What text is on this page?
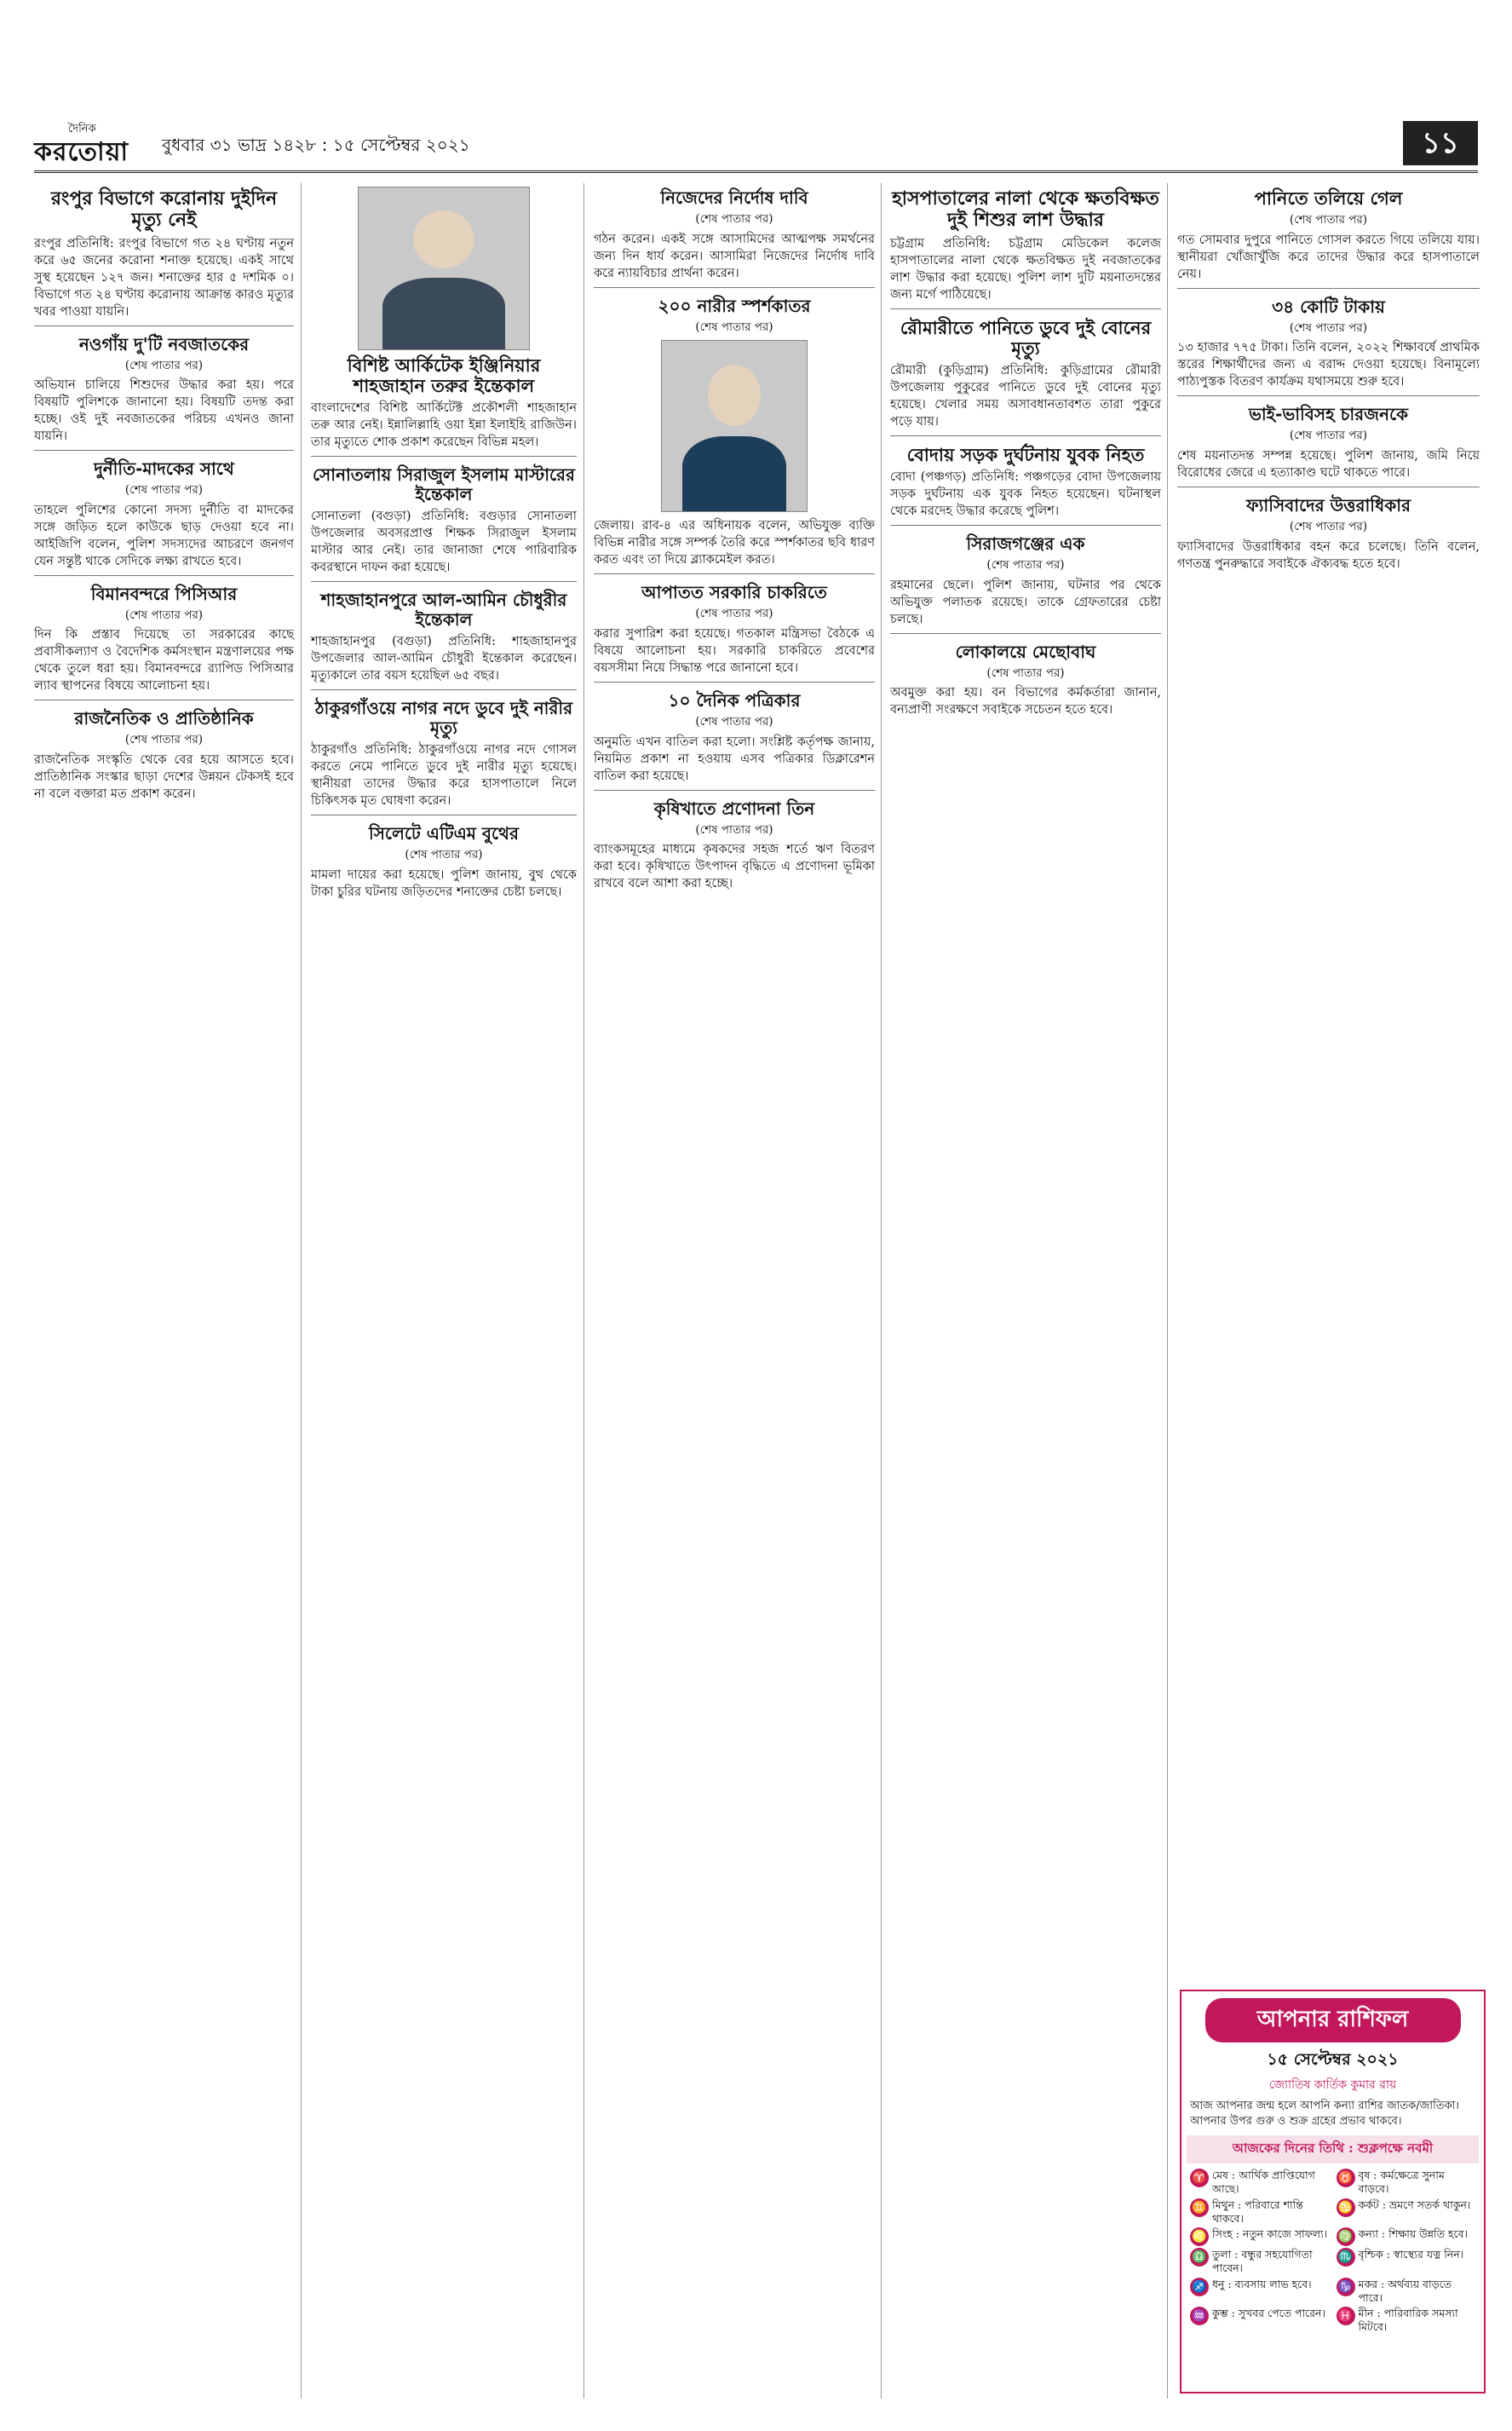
দৈনিক
করতোয়া বুধবার ৩১ ভাদ্র ১৪২৮ : ১৫ সেপ্টেম্বর ২০২১	১১
রংপুর বিভাগে করোনায় দুইদিন মৃত্যু নেই

রংপুর প্রতিনিধি: রংপুর বিভাগে গত ২৪ ঘণ্টায় নতুন করে ৬৫ জনের করোনা শনাক্ত হয়েছে। একই সাথে সুস্থ হয়েছেন ১২৭ জন। শনাক্তের হার ৫ দশমিক ০। বিভাগে গত ২৪ ঘণ্টায় করোনায় আক্রান্ত কারও মৃত্যুর খবর পাওয়া যায়নি।

নওগাঁয় দু'টি নবজাতকের
(শেষ পাতার পর)

অভিযান চালিয়ে শিশুদের উদ্ধার করা হয়। পরে বিষয়টি পুলিশকে জানানো হয়। বিষয়টি তদন্ত করা হচ্ছে। ওই দুই নবজাতকের পরিচয় এখনও জানা যায়নি।

দুর্নীতি-মাদকের সাথে
(শেষ পাতার পর)

তাহলে পুলিশের কোনো সদস্য দুর্নীতি বা মাদকের সঙ্গে জড়িত হলে কাউকে ছাড় দেওয়া হবে না। আইজিপি বলেন, পুলিশ সদস্যদের আচরণে জনগণ যেন সন্তুষ্ট থাকে সেদিকে লক্ষ্য রাখতে হবে।

বিমানবন্দরে পিসিআর
(শেষ পাতার পর)

দিন কি প্রস্তাব দিয়েছে তা সরকারের কাছে প্রবাসীকল্যাণ ও বৈদেশিক কর্মসংস্থান মন্ত্রণালয়ের পক্ষ থেকে তুলে ধরা হয়। বিমানবন্দরে র‍্যাপিড পিসিআর ল্যাব স্থাপনের বিষয়ে আলোচনা হয়।

রাজনৈতিক ও প্রাতিষ্ঠানিক
(শেষ পাতার পর)

রাজনৈতিক সংস্কৃতি থেকে বের হয়ে আসতে হবে। প্রাতিষ্ঠানিক সংস্কার ছাড়া দেশের উন্নয়ন টেকসই হবে না বলে বক্তারা মত প্রকাশ করেন।

বিশিষ্ট আর্কিটেক ইঞ্জিনিয়ার শাহজাহান তরুর ইন্তেকাল

বাংলাদেশের বিশিষ্ট আর্কিটেক্ট প্রকৌশলী শাহজাহান তরু আর নেই। ইন্নালিল্লাহি ওয়া ইন্না ইলাইহি রাজিউন। তার মৃত্যুতে শোক প্রকাশ করেছেন বিভিন্ন মহল।

সোনাতলায় সিরাজুল ইসলাম মাস্টারের ইন্তেকাল

সোনাতলা (বগুড়া) প্রতিনিধি: বগুড়ার সোনাতলা উপজেলার অবসরপ্রাপ্ত শিক্ষক সিরাজুল ইসলাম মাস্টার আর নেই। তার জানাজা শেষে পারিবারিক কবরস্থানে দাফন করা হয়েছে।

শাহজাহানপুরে আল-আমিন চৌধুরীর ইন্তেকাল

শাহজাহানপুর (বগুড়া) প্রতিনিধি: শাহজাহানপুর উপজেলার আল-আমিন চৌধুরী ইন্তেকাল করেছেন। মৃত্যুকালে তার বয়স হয়েছিল ৬৫ বছর।

ঠাকুরগাঁওয়ে নাগর নদে ডুবে দুই নারীর মৃত্যু

ঠাকুরগাঁও প্রতিনিধি: ঠাকুরগাঁওয়ে নাগর নদে গোসল করতে নেমে পানিতে ডুবে দুই নারীর মৃত্যু হয়েছে। স্থানীয়রা তাদের উদ্ধার করে হাসপাতালে নিলে চিকিৎসক মৃত ঘোষণা করেন।

সিলেটে এটিএম বুথের
(শেষ পাতার পর)

মামলা দায়ের করা হয়েছে। পুলিশ জানায়, বুথ থেকে টাকা চুরির ঘটনায় জড়িতদের শনাক্তের চেষ্টা চলছে।

নিজেদের নির্দোষ দাবি
(শেষ পাতার পর)

গঠন করেন। একই সঙ্গে আসামিদের আত্মপক্ষ সমর্থনের জন্য দিন ধার্য করেন। আসামিরা নিজেদের নির্দোষ দাবি করে ন্যায়বিচার প্রার্থনা করেন।

২০০ নারীর স্পর্শকাতর
(শেষ পাতার পর)

জেলায়। রাব-৪ এর অধিনায়ক বলেন, অভিযুক্ত ব্যক্তি বিভিন্ন নারীর সঙ্গে সম্পর্ক তৈরি করে স্পর্শকাতর ছবি ধারণ করত এবং তা দিয়ে ব্ল্যাকমেইল করত।

আপাতত সরকারি চাকরিতে
(শেষ পাতার পর)

করার সুপারিশ করা হয়েছে। গতকাল মন্ত্রিসভা বৈঠকে এ বিষয়ে আলোচনা হয়। সরকারি চাকরিতে প্রবেশের বয়সসীমা নিয়ে সিদ্ধান্ত পরে জানানো হবে।

১০ দৈনিক পত্রিকার
(শেষ পাতার পর)

অনুমতি এখন বাতিল করা হলো। সংশ্লিষ্ট কর্তৃপক্ষ জানায়, নিয়মিত প্রকাশ না হওয়ায় এসব পত্রিকার ডিক্লারেশন বাতিল করা হয়েছে।

কৃষিখাতে প্রণোদনা তিন
(শেষ পাতার পর)

ব্যাংকসমূহের মাধ্যমে কৃষকদের সহজ শর্তে ঋণ বিতরণ করা হবে। কৃষিখাতে উৎপাদন বৃদ্ধিতে এ প্রণোদনা ভূমিকা রাখবে বলে আশা করা হচ্ছে।

হাসপাতালের নালা থেকে ক্ষতবিক্ষত দুই শিশুর লাশ উদ্ধার

চট্টগ্রাম প্রতিনিধি: চট্টগ্রাম মেডিকেল কলেজ হাসপাতালের নালা থেকে ক্ষতবিক্ষত দুই নবজাতকের লাশ উদ্ধার করা হয়েছে। পুলিশ লাশ দুটি ময়নাতদন্তের জন্য মর্গে পাঠিয়েছে।

রৌমারীতে পানিতে ডুবে দুই বোনের মৃত্যু

রৌমারী (কুড়িগ্রাম) প্রতিনিধি: কুড়িগ্রামের রৌমারী উপজেলায় পুকুরের পানিতে ডুবে দুই বোনের মৃত্যু হয়েছে। খেলার সময় অসাবধানতাবশত তারা পুকুরে পড়ে যায়।

বোদায় সড়ক দুর্ঘটনায় যুবক নিহত

বোদা (পঞ্চগড়) প্রতিনিধি: পঞ্চগড়ের বোদা উপজেলায় সড়ক দুর্ঘটনায় এক যুবক নিহত হয়েছেন। ঘটনাস্থল থেকে মরদেহ উদ্ধার করেছে পুলিশ।

সিরাজগঞ্জের এক
(শেষ পাতার পর)

রহমানের ছেলে। পুলিশ জানায়, ঘটনার পর থেকে অভিযুক্ত পলাতক রয়েছে। তাকে গ্রেফতারের চেষ্টা চলছে।

লোকালয়ে মেছোবাঘ
(শেষ পাতার পর)

অবমুক্ত করা হয়। বন বিভাগের কর্মকর্তারা জানান, বন্যপ্রাণী সংরক্ষণে সবাইকে সচেতন হতে হবে।

পানিতে তলিয়ে গেল
(শেষ পাতার পর)

গত সোমবার দুপুরে পানিতে গোসল করতে গিয়ে তলিয়ে যায়। স্থানীয়রা খোঁজাখুঁজি করে তাদের উদ্ধার করে হাসপাতালে নেয়।

৩৪ কোটি টাকায়
(শেষ পাতার পর)

১৩ হাজার ৭৭৫ টাকা। তিনি বলেন, ২০২২ শিক্ষাবর্ষে প্রাথমিক স্তরের শিক্ষার্থীদের জন্য এ বরাদ্দ দেওয়া হয়েছে। বিনামূল্যে পাঠ্যপুস্তক বিতরণ কার্যক্রম যথাসময়ে শুরু হবে।

ভাই-ভাবিসহ চারজনকে
(শেষ পাতার পর)

শেষ ময়নাতদন্ত সম্পন্ন হয়েছে। পুলিশ জানায়, জমি নিয়ে বিরোধের জেরে এ হত্যাকাণ্ড ঘটে থাকতে পারে।

ফ্যাসিবাদের উত্তরাধিকার
(শেষ পাতার পর)

ফ্যাসিবাদের উত্তরাধিকার বহন করে চলেছে। তিনি বলেন, গণতন্ত্র পুনরুদ্ধারে সবাইকে ঐক্যবদ্ধ হতে হবে।

আপনার রাশিফল
১৫ সেপ্টেম্বর ২০২১
জ্যোতিষ কার্তিক কুমার রায়
আজ আপনার জন্ম হলে আপনি কন্যা রাশির জাতক/জাতিকা। আপনার উপর গুরু ও শুক্র গ্রহের প্রভাব থাকবে।
আজকের দিনের তিথি : শুক্লপক্ষে নবমী
♈ মেষ : আর্থিক প্রাপ্তিযোগ আছে।
♉ বৃষ : কর্মক্ষেত্রে সুনাম বাড়বে।
♊ মিথুন : পরিবারে শান্তি থাকবে।
♋ কর্কট : ভ্রমণে সতর্ক থাকুন।
♌ সিংহ : নতুন কাজে সাফল্য। ♍ কন্যা : শিক্ষায় উন্নতি হবে।
♎ তুলা : বন্ধুর সহযোগিতা পাবেন।
♏ বৃশ্চিক : স্বাস্থ্যের যত্ন নিন।
♐ ধনু : ব্যবসায় লাভ হবে। ♑ মকর : অর্থব্যয় বাড়তে পারে।
♒ কুম্ভ : সুখবর পেতে পারেন। ♓ মীন : পারিবারিক সমস্যা মিটবে।
